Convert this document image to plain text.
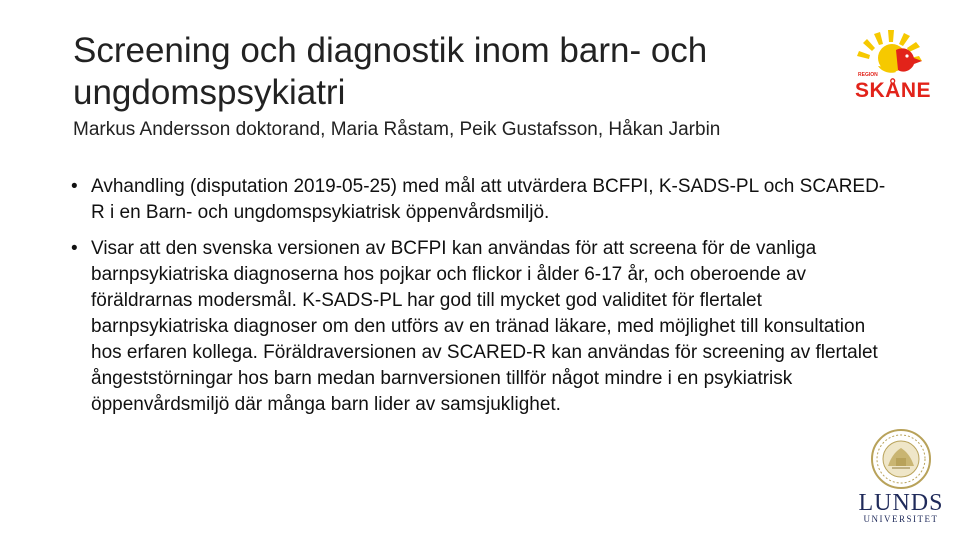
Screening och diagnostik inom barn- och ungdomspsykiatri

Markus Andersson doktorand, Maria Råstam, Peik Gustafsson, Håkan Jarbin

• Avhandling (disputation 2019-05-25) med mål att utvärdera BCFPI, K-SADS-PL och SCARED-R i en Barn- och ungdomspsykiatrisk öppenvårdsmiljö.
• Visar att den svenska versionen av BCFPI kan användas för att screena för de vanliga barnpsykiatriska diagnoserna hos pojkar och flickor i ålder 6-17 år, och oberoende av föräldrarnas modersmål. K-SADS-PL har god till mycket god validitet för flertalet barnpsykiatriska diagnoser om den utförs av en tränad läkare, med möjlighet till konsultation hos erfaren kollega. Föräldraversionen av SCARED-R kan användas för screening av flertalet ångeststörningar hos barn medan barnversionen tillför något mindre i en psykiatrisk öppenvårdsmiljö där många barn lider av samsjuklighet.
REGION
SKÅNE
LUNDS
UNIVERSITET
